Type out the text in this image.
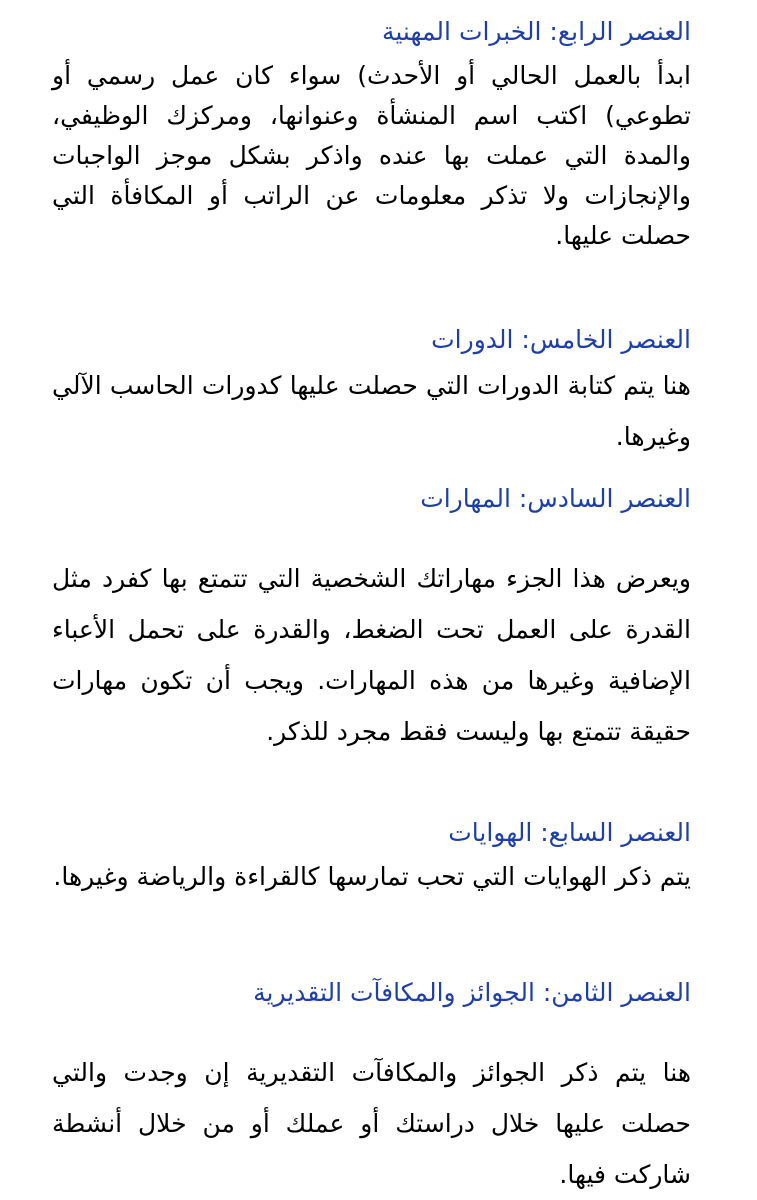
العنصر الرابع: الخبرات المهنية

ابدأ بالعمل الحالي أو الأحدث) سواء كان عمل رسمي أو تطوعي) اكتب اسم المنشأة وعنوانها، ومركزك الوظيفي، والمدة التي عملت بها عنده واذكر بشكل موجز الواجبات والإنجازات ولا تذكر معلومات عن الراتب أو المكافأة التي حصلت عليها.

العنصر الخامس: الدورات

هنا يتم كتابة الدورات التي حصلت عليها كدورات الحاسب الآلي وغيرها.

العنصر السادس: المهارات

ويعرض هذا الجزء مهاراتك الشخصية التي تتمتع بها كفرد مثل القدرة على العمل تحت الضغط، والقدرة على تحمل الأعباء الإضافية وغيرها من هذه المهارات. ويجب أن تكون مهارات حقيقة تتمتع بها وليست فقط مجرد للذكر.

العنصر السابع: الهوايات

يتم ذكر الهوايات التي تحب تمارسها كالقراءة والرياضة وغيرها.

العنصر الثامن: الجوائز والمكافآت التقديرية

هنا يتم ذكر الجوائز والمكافآت التقديرية إن وجدت والتي حصلت عليها خلال دراستك أو عملك أو من خلال أنشطة شاركت فيها.
